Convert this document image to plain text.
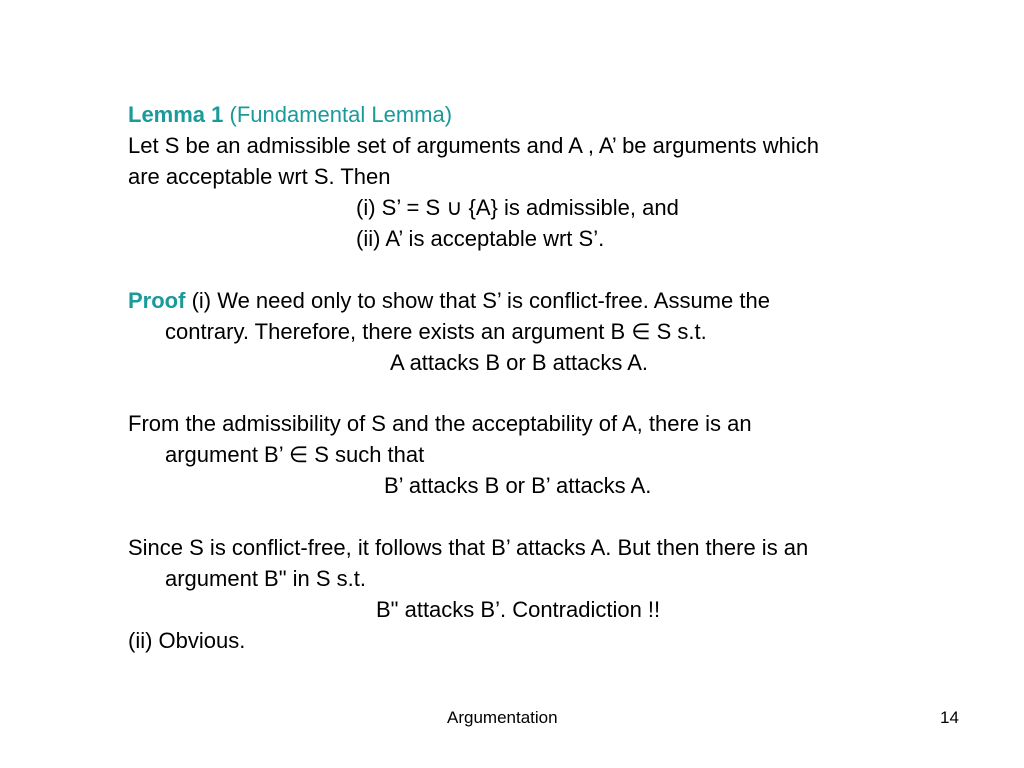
Lemma 1 (Fundamental Lemma)
Let S be an admissible set of arguments and A , A’ be arguments which
are acceptable wrt S. Then
(i) S’ = S ∪ {A} is admissible, and
(ii) A’ is acceptable wrt S’.
Proof (i) We need only to show that S’ is conflict-free. Assume the
contrary. Therefore, there exists an argument B ∈ S s.t.
A attacks B or B attacks A.
From the admissibility of S and the acceptability of A, there is an
argument B’ ∈ S such that
B’ attacks B or B’ attacks A.
Since S is conflict-free, it follows that B’ attacks A. But then there is an
argument B" in S s.t.
B" attacks B’. Contradiction !!
(ii) Obvious.
Argumentation	14
